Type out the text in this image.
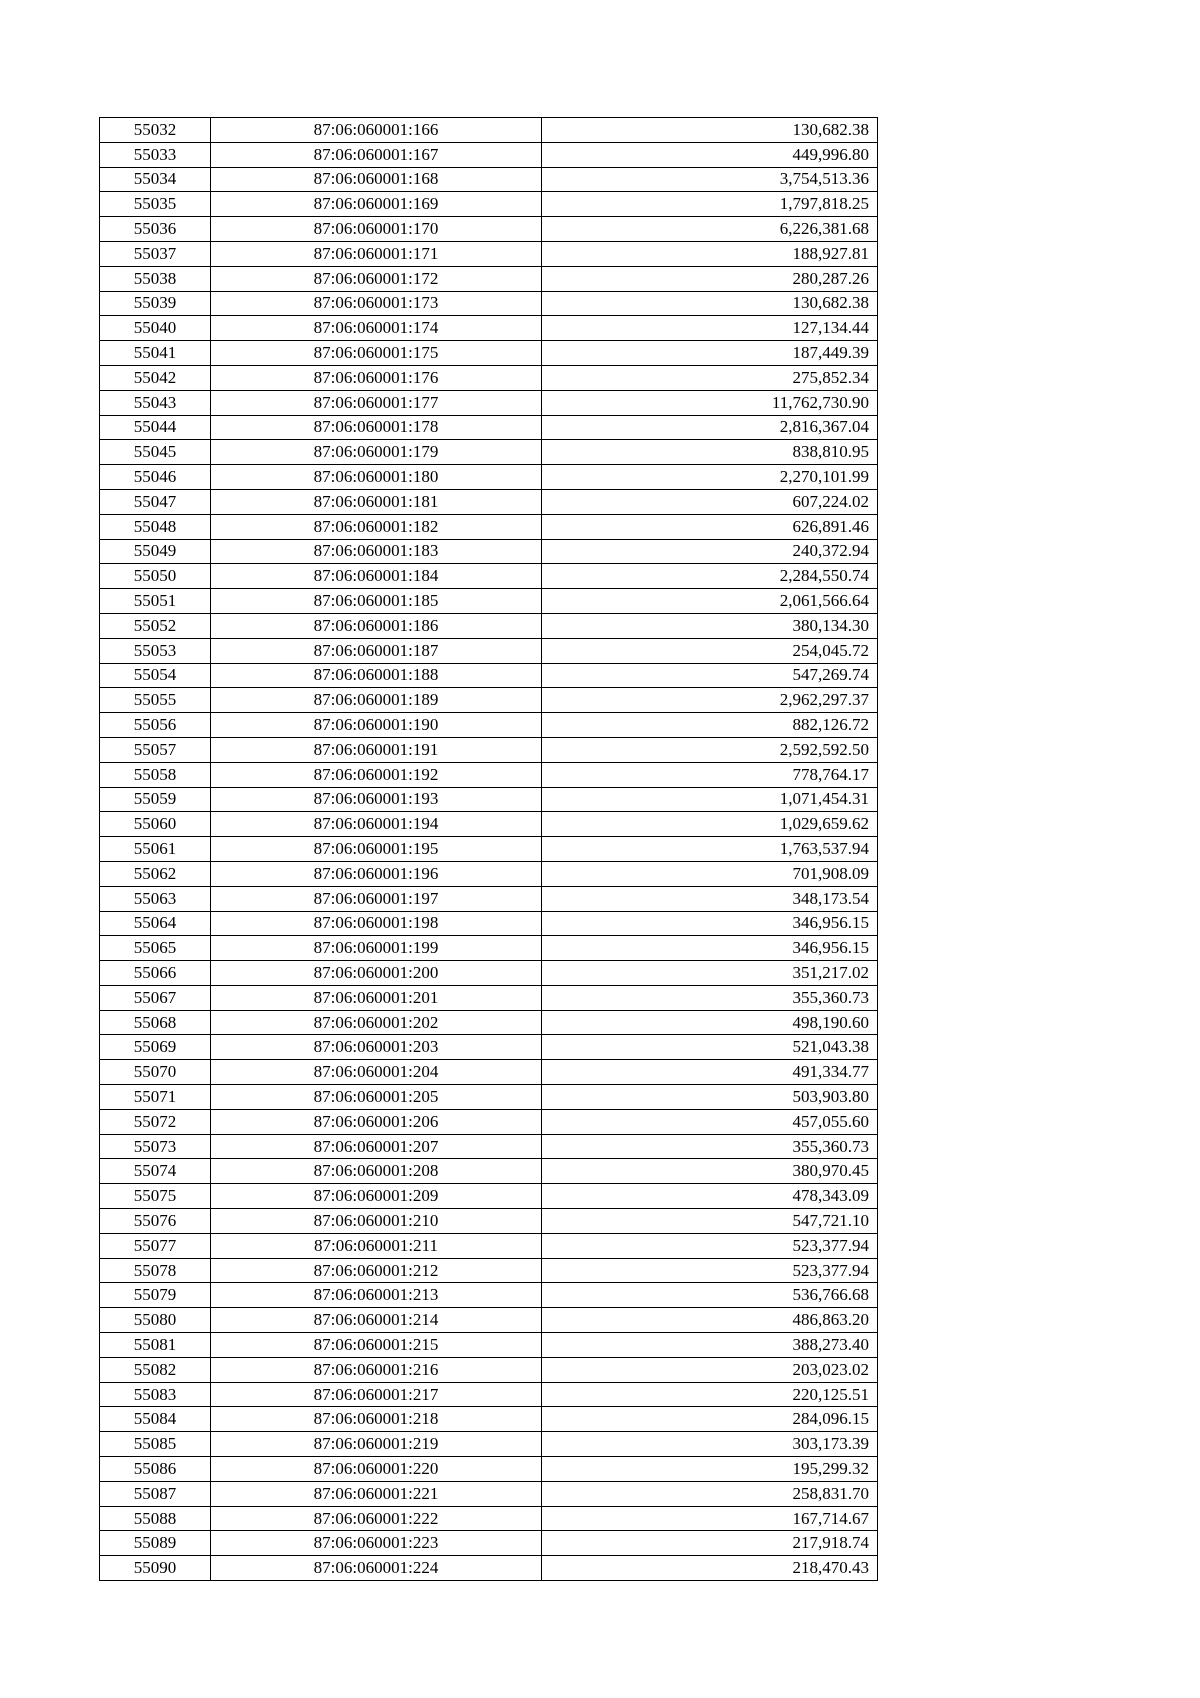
55032	87:06:060001:166	130,682.38
55033	87:06:060001:167	449,996.80
55034	87:06:060001:168	3,754,513.36
55035	87:06:060001:169	1,797,818.25
55036	87:06:060001:170	6,226,381.68
55037	87:06:060001:171	188,927.81
55038	87:06:060001:172	280,287.26
55039	87:06:060001:173	130,682.38
55040	87:06:060001:174	127,134.44
55041	87:06:060001:175	187,449.39
55042	87:06:060001:176	275,852.34
55043	87:06:060001:177	11,762,730.90
55044	87:06:060001:178	2,816,367.04
55045	87:06:060001:179	838,810.95
55046	87:06:060001:180	2,270,101.99
55047	87:06:060001:181	607,224.02
55048	87:06:060001:182	626,891.46
55049	87:06:060001:183	240,372.94
55050	87:06:060001:184	2,284,550.74
55051	87:06:060001:185	2,061,566.64
55052	87:06:060001:186	380,134.30
55053	87:06:060001:187	254,045.72
55054	87:06:060001:188	547,269.74
55055	87:06:060001:189	2,962,297.37
55056	87:06:060001:190	882,126.72
55057	87:06:060001:191	2,592,592.50
55058	87:06:060001:192	778,764.17
55059	87:06:060001:193	1,071,454.31
55060	87:06:060001:194	1,029,659.62
55061	87:06:060001:195	1,763,537.94
55062	87:06:060001:196	701,908.09
55063	87:06:060001:197	348,173.54
55064	87:06:060001:198	346,956.15
55065	87:06:060001:199	346,956.15
55066	87:06:060001:200	351,217.02
55067	87:06:060001:201	355,360.73
55068	87:06:060001:202	498,190.60
55069	87:06:060001:203	521,043.38
55070	87:06:060001:204	491,334.77
55071	87:06:060001:205	503,903.80
55072	87:06:060001:206	457,055.60
55073	87:06:060001:207	355,360.73
55074	87:06:060001:208	380,970.45
55075	87:06:060001:209	478,343.09
55076	87:06:060001:210	547,721.10
55077	87:06:060001:211	523,377.94
55078	87:06:060001:212	523,377.94
55079	87:06:060001:213	536,766.68
55080	87:06:060001:214	486,863.20
55081	87:06:060001:215	388,273.40
55082	87:06:060001:216	203,023.02
55083	87:06:060001:217	220,125.51
55084	87:06:060001:218	284,096.15
55085	87:06:060001:219	303,173.39
55086	87:06:060001:220	195,299.32
55087	87:06:060001:221	258,831.70
55088	87:06:060001:222	167,714.67
55089	87:06:060001:223	217,918.74
55090	87:06:060001:224	218,470.43
